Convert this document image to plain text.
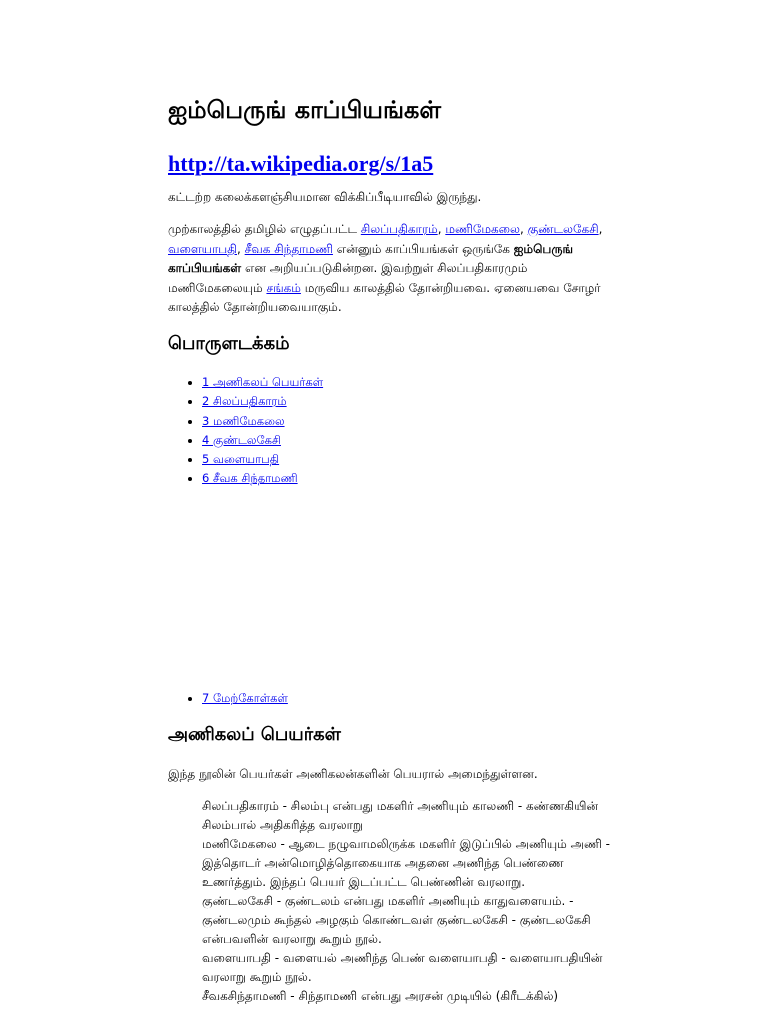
ஐம்பெருங் காப்பியங்கள்
http://ta.wikipedia.org/s/1a5
கட்டற்ற கலைக்களஞ்சியமான விக்கிப்பீடியாவில் இருந்து.
முற்காலத்தில் தமிழில் எழுதப்பட்ட சிலப்பதிகாரம், மணிமேகலை, குண்டலகேசி, வளையாபதி, சீவக சிந்தாமணி என்னும் காப்பியங்கள் ஒருங்கே ஐம்பெருங் காப்பியங்கள் என அறியப்படுகின்றன. இவற்றுள் சிலப்பதிகாரமும் மணிமேகலையும் சங்கம் மருவிய காலத்தில் தோன்றியவை. ஏனையவை சோழர் காலத்தில் தோன்றியவையாகும்.
பொருளடக்கம்
• 1 அணிகலப் பெயர்கள்
• 2 சிலப்பதிகாரம்
• 3 மணிமேகலை
• 4 குண்டலகேசி
• 5 வளையாபதி
• 6 சீவக சிந்தாமணி
• 7 மேற்கோள்கள்
அணிகலப் பெயர்கள்
இந்த நூலின் பெயர்கள் அணிகலன்களின் பெயரால் அமைந்துள்ளன.

சிலப்பதிகாரம் - சிலம்பு என்பது மகளிர் அணியும் காலணி - கண்ணகியின் சிலம்பால் அதிகரித்த வரலாறு

மணிமேகலை - ஆடை நழுவாமலிருக்க மகளிர் இடுப்பில் அணியும் அணி - இத்தொடர் அன்மொழித்தொகையாக அதனை அணிந்த பெண்ணை உணர்த்தும். இந்தப் பெயர் இடப்பட்ட பெண்ணின் வரலாறு.

குண்டலகேசி - குண்டலம் என்பது மகளிர் அணியும் காதுவளையம். - குண்டலமும் கூந்தல் அழகும் கொண்டவள் குண்டலகேசி - குண்டலகேசி என்பவளின் வரலாறு கூறும் நூல்.

வளையாபதி - வளையல் அணிந்த பெண் வளையாபதி - வளையாபதியின் வரலாறு கூறும் நூல்.

சீவகசிந்தாமணி - சிந்தாமணி என்பது அரசன் முடியில் (கிரீடக்கில்)
